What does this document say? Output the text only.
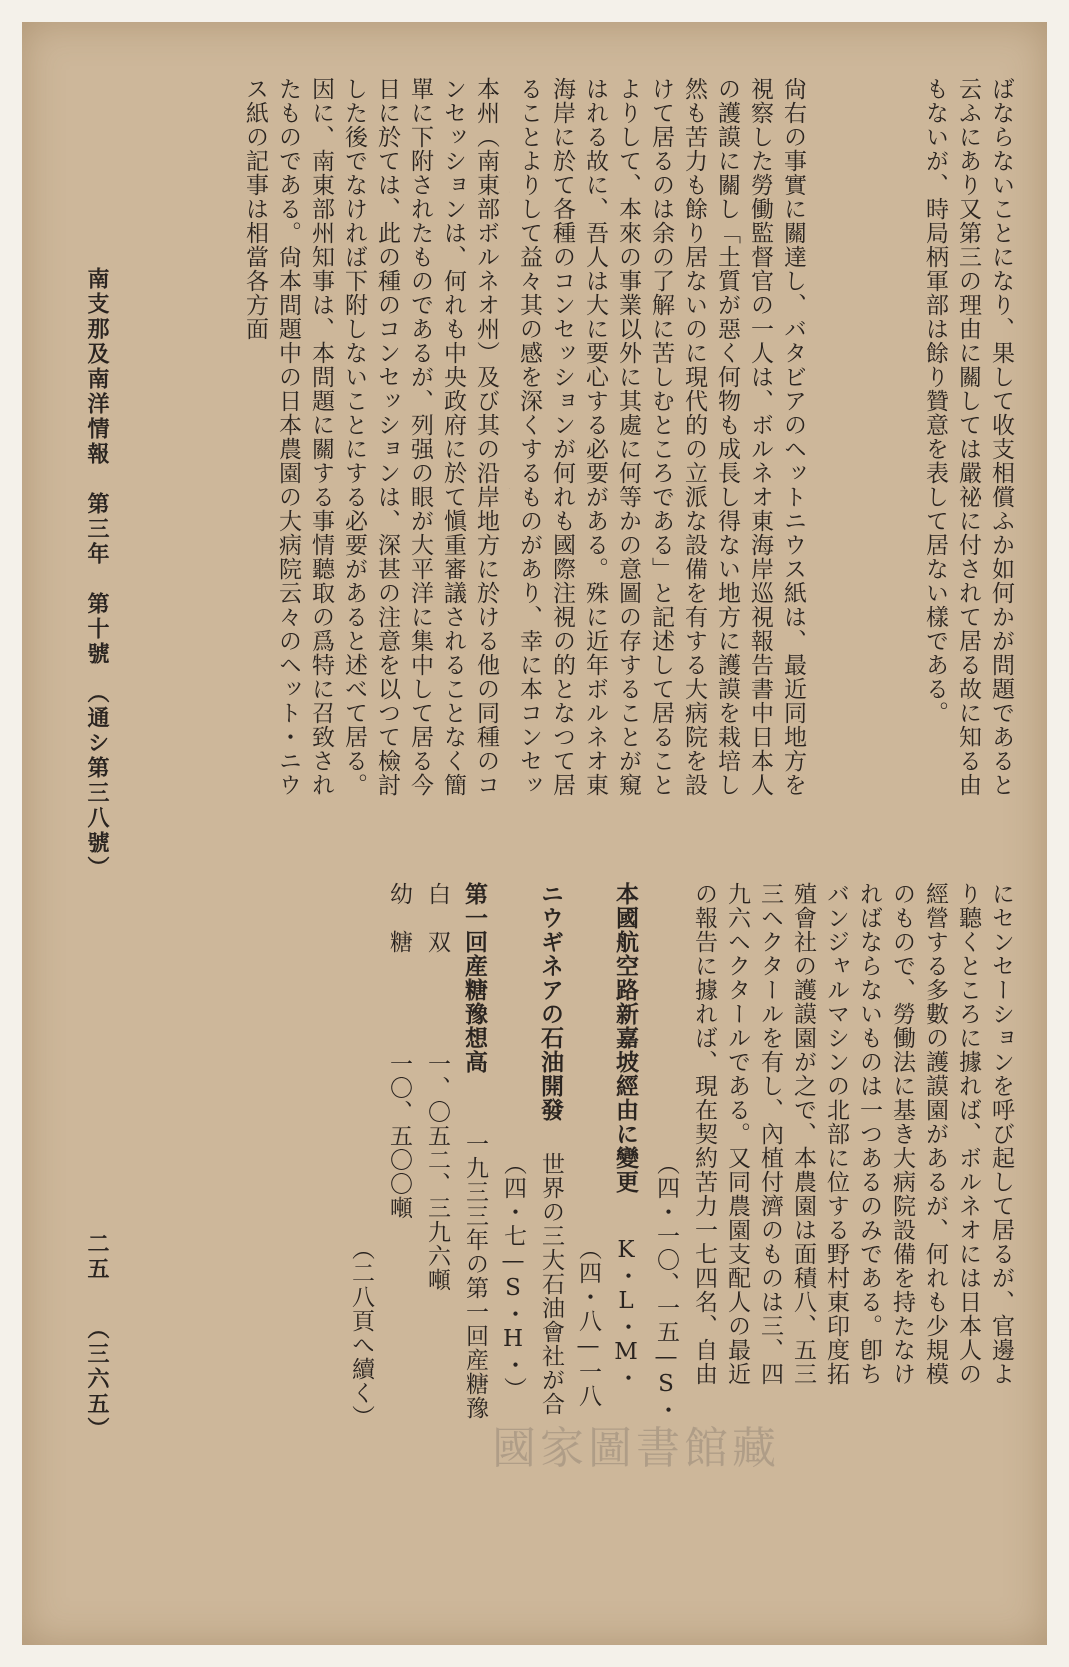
ばならないことになり、果して收支相償ふか如何かが問題であると云ふにあり又第三の理由に關しては嚴祕に付されて居る故に知る由もないが、時局柄軍部は餘り贊意を表して居ない樣である。
尙右の事實に關達し、バタビアのヘットニウス紙は、最近同地方を視察した勞働監督官の一人は、ボルネオ東海岸巡視報告書中日本人の護謨に關し「土質が惡く何物も成長し得ない地方に護謨を栽培し然も苦力も餘り居ないのに現代的の立派な設備を有する大病院を設けて居るのは余の了解に苦しむところである」と記述して居ることよりして、本來の事業以外に其處に何等かの意圖の存することが窺はれる故に、吾人は大に要心する必要がある。殊に近年ボルネオ東海岸に於て各種のコンセッションが何れも國際注視の的となつて居ることよりして益々其の感を深くするものがあり、幸に本コンセッ
本州（南東部ボルネオ州）及び其の沿岸地方に於ける他の同種のコンセッションは、何れも中央政府に於て愼重審議されることなく簡單に下附されたものであるが、列强の眼が大平洋に集中して居る今日に於ては、此の種のコンセッションは、深甚の注意を以つて檢討した後でなければ下附しないことにする必要があると述べて居る。因に、南東部州知事は、本問題に關する事情聽取の爲特に召致されたものである。尙本問題中の日本農園の大病院云々のヘット・ニウス紙の記事は相當各方面
にセンセーションを呼び起して居るが、官邊より聽くところに據れば、ボルネオには日本人の經營する多數の護謨園があるが、何れも少規模のもので、勞働法に基き大病院設備を持たなければならないものは一つあるのみである。卽ちバンジャルマシンの北部に位する野村東印度拓殖會社の護謨園が之で、本農園は面積八、五三三ヘクタールを有し、內植付濟のものは三、四九六ヘクタールである。又同農園支配人の最近の報告に據れば、現在契約苦力一七四名、自由
（四・一〇、一五—S・
本國航空路新嘉坡經由に變更
K・L・M・
（四・八—一八
ニウギネアの石油開發
世界の三大石油會社が合
（四・七—S・H・）
第一回産糖豫想高
一九三三年の第一回産糖豫
白　双
一、〇五二、三九六噸
幼　糖
一〇、五〇〇噸
（二八頁へ續く）
南支那及南洋情報　第三年　第十號　（通シ第三八號）
二五
（三六五）
國家圖書館藏
